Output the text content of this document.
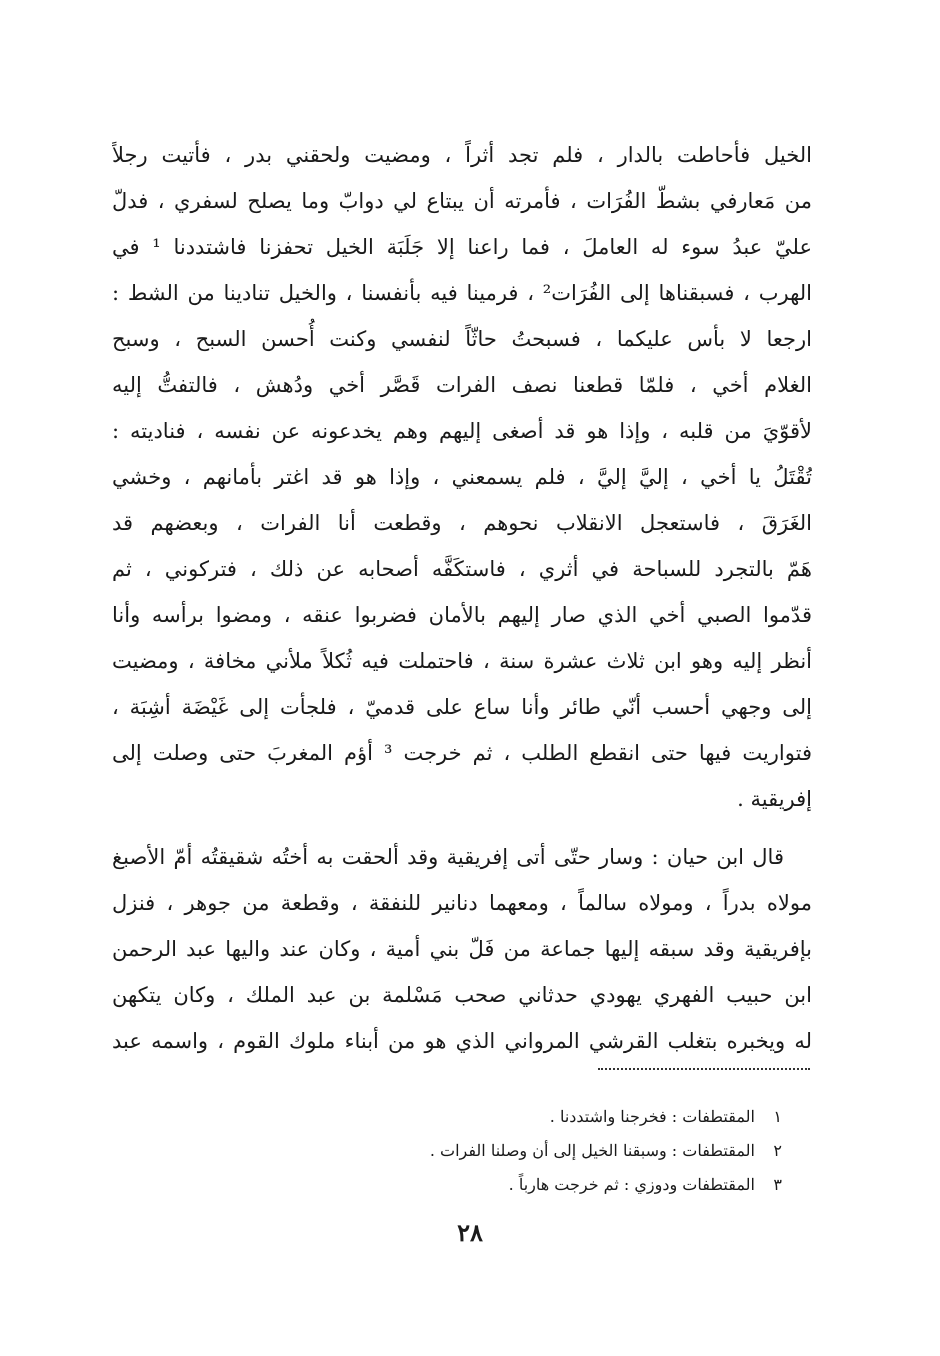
الخيل فأحاطت بالدار ، فلم تجد أثراً ، ومضيت ولحقني بدر ، فأتيت رجلاً
من مَعارفي بشطّ الفُرَات ، فأمرته أن يبتاع لي دوابّ وما يصلح لسفري ، فدلّ
عليّ عبدُ سوء له العاملَ ، فما راعنا إلا جَلَبَة الخيل تحفزنا فاشتددنا ¹ في
الهرب ، فسبقناها إلى الفُرَات² ، فرمينا فيه بأنفسنا ، والخيل تنادينا من الشط :
ارجعا لا بأس عليكما ، فسبحتُ حاثّاً لنفسي وكنت أُحسن السبح ، وسبح
الغلام أخي ، فلمّا قطعنا نصف الفرات قَصَّر أخي ودُهش ، فالتفتُّ إليه
لأقوّيَ من قلبه ، وإذا هو قد أصغى إليهم وهم يخدعونه عن نفسه ، فناديته :
تُقْتَلُ يا أخي ، إليَّ إليَّ ، فلم يسمعني ، وإذا هو قد اغتر بأمانهم ، وخشي
الغَرَقَ ، فاستعجل الانقلاب نحوهم ، وقطعت أنا الفرات ، وبعضهم قد
هَمّ بالتجرد للسباحة في أثري ، فاستكَفَّه أصحابه عن ذلك ، فتركوني ، ثم
قدّموا الصبي أخي الذي صار إليهم بالأمان فضربوا عنقه ، ومضوا برأسه وأنا
أنظر إليه وهو ابن ثلاث عشرة سنة ، فاحتملت فيه ثُكلاً ملأني مخافة ، ومضيت
إلى وجهي أحسب أنّي طائر وأنا ساع على قدميّ ، فلجأت إلى غَيْضَة أشِبَة ،
فتواريت فيها حتى انقطع الطلب ، ثم خرجت ³ أؤم المغربَ حتى وصلت إلى
إفريقية .
قال ابن حيان : وسار حتّى أتى إفريقية وقد ألحقت به أختُه شقيقتُه أمّ الأصبغ
مولاه بدراً ، ومولاه سالماً ، ومعهما دنانير للنفقة ، وقطعة من جوهر ، فنزل
بإفريقية وقد سبقه إليها جماعة من فَلّ بني أمية ، وكان عند واليها عبد الرحمن
ابن حبيب الفهري يهودي حدثاني صحب مَسْلمة بن عبد الملك ، وكان يتكهن
له ويخبره بتغلب القرشي المرواني الذي هو من أبناء ملوك القوم ، واسمه عبد
١ المقتطفات : فخرجنا واشتددنا .
٢ المقتطفات : وسبقنا الخيل إلى أن وصلنا الفرات .
٣ المقتطفات ودوزي : ثم خرجت هارباً .
٢٨
